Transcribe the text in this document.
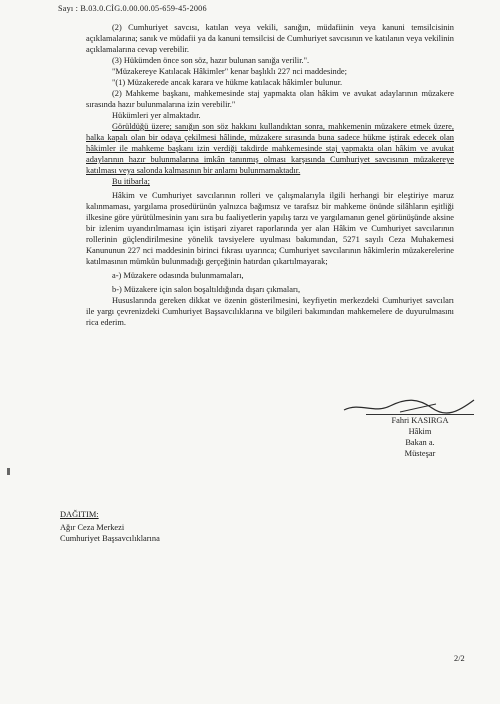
Sayı : B.03.0.CİG.0.00.00.05-659-45-2006

(2) Cumhuriyet savcısı, katılan veya vekili, sanığın, müdafiinin veya kanuni temsilcisinin açıklamalarına; sanık ve müdafii ya da kanuni temsilcisi de Cumhuriyet savcısının ve katılanın veya vekilinin açıklamalarına cevap verebilir.

(3) Hükümden önce son söz, hazır bulunan sanığa verilir.".

"Müzakereye Katılacak Hâkimler" kenar başlıklı 227 nci maddesinde;

"(1) Müzakerede ancak karara ve hükme katılacak hâkimler bulunur.

(2) Mahkeme başkanı, mahkemesinde staj yapmakta olan hâkim ve avukat adaylarının müzakere sırasında hazır bulunmalarına izin verebilir."

Hükümleri yer almaktadır.

Görüldüğü üzere; sanığın son söz hakkını kullandıktan sonra, mahkemenin müzakere etmek üzere, halka kapalı olan bir odaya çekilmesi hâlinde, müzakere sırasında buna sadece hükme iştirak edecek olan hâkimler ile mahkeme başkanı izin verdiği takdirde mahkemesinde staj yapmakta olan hâkim ve avukat adaylarının hazır bulunmalarına imkân tanınmış olması karşısında Cumhuriyet savcısının müzakereye katılması veya salonda kalmasının bir anlamı bulunmamaktadır.

Bu itibarla;

Hâkim ve Cumhuriyet savcılarının rolleri ve çalışmalarıyla ilgili herhangi bir eleştiriye maruz kalınmaması, yargılama prosedürünün yalnızca bağımsız ve tarafsız bir mahkeme önünde silâhların eşitliği ilkesine göre yürütülmesinin yanı sıra bu faaliyetlerin yapılış tarzı ve yargılamanın genel görünüşünde aksine bir izlenim uyandırılmaması için istişari ziyaret raporlarında yer alan Hâkim ve Cumhuriyet savcılarının rollerinin güçlendirilmesine yönelik tavsiyelere uyulması bakımından, 5271 sayılı Ceza Muhakemesi Kanununun 227 nci maddesinin birinci fıkrası uyarınca; Cumhuriyet savcılarının hâkimlerin müzakerelerine katılmasının mümkün bulunmadığı gerçeğinin hatırdan çıkartılmayarak;

a-) Müzakere odasında bulunmamaları,

b-) Müzakere için salon boşaltıldığında dışarı çıkmaları,

Hususlarında gereken dikkat ve özenin gösterilmesini, keyfiyetin merkezdeki Cumhuriyet savcıları ile yargı çevrenizdeki Cumhuriyet Başsavcılıklarına ve bilgileri bakımından mahkemelere de duyurulmasını rica ederim.

Fahri KASIRGA
Hâkim
Bakan a.
Müsteşar
DAĞITIM:
Ağır Ceza Merkezi
Cumhuriyet Başsavcılıklarına
2/2
